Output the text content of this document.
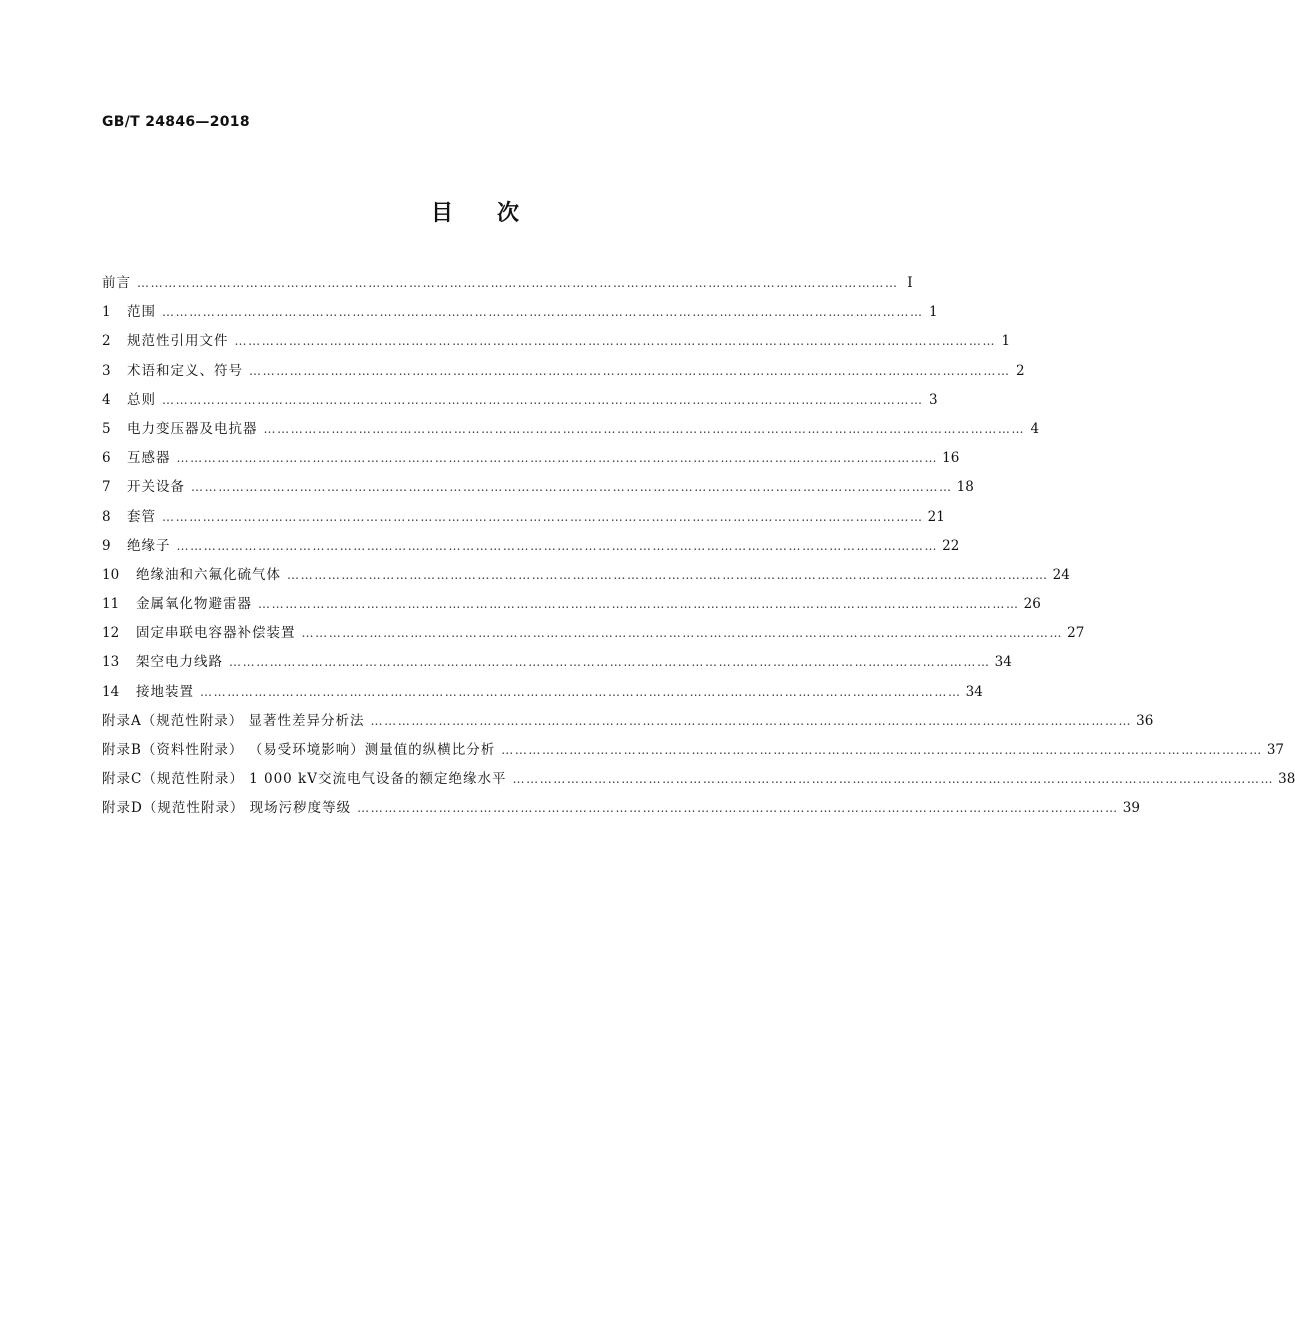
GB/T 24846—2018
目次
前言 …………………………………………………………………………………………………………………………………………………… Ⅰ
1	范围 …………………………………………………………………………………………………………………………………………………… 1
2	规范性引用文件 …………………………………………………………………………………………………………………………………………………… 1
3	术语和定义、符号 …………………………………………………………………………………………………………………………………………………… 2
4	总则 …………………………………………………………………………………………………………………………………………………… 3
5	电力变压器及电抗器 …………………………………………………………………………………………………………………………………………………… 4
6	互感器 …………………………………………………………………………………………………………………………………………………… 16
7	开关设备 …………………………………………………………………………………………………………………………………………………… 18
8	套管 …………………………………………………………………………………………………………………………………………………… 21
9	绝缘子 …………………………………………………………………………………………………………………………………………………… 22
10	绝缘油和六氟化硫气体 …………………………………………………………………………………………………………………………………………………… 24
11	金属氧化物避雷器 …………………………………………………………………………………………………………………………………………………… 26
12	固定串联电容器补偿装置 …………………………………………………………………………………………………………………………………………………… 27
13	架空电力线路 …………………………………………………………………………………………………………………………………………………… 34
14	接地装置 …………………………………………………………………………………………………………………………………………………… 34
附录A（规范性附录） 显著性差异分析法 …………………………………………………………………………………………………………………………………………………… 36
附录B（资料性附录） （易受环境影响）测量值的纵横比分析 …………………………………………………………………………………………………………………………………………………… 37
附录C（规范性附录） 1 000 kV交流电气设备的额定绝缘水平 …………………………………………………………………………………………………………………………………………………… 38
附录D（规范性附录） 现场污秽度等级 …………………………………………………………………………………………………………………………………………………… 39
